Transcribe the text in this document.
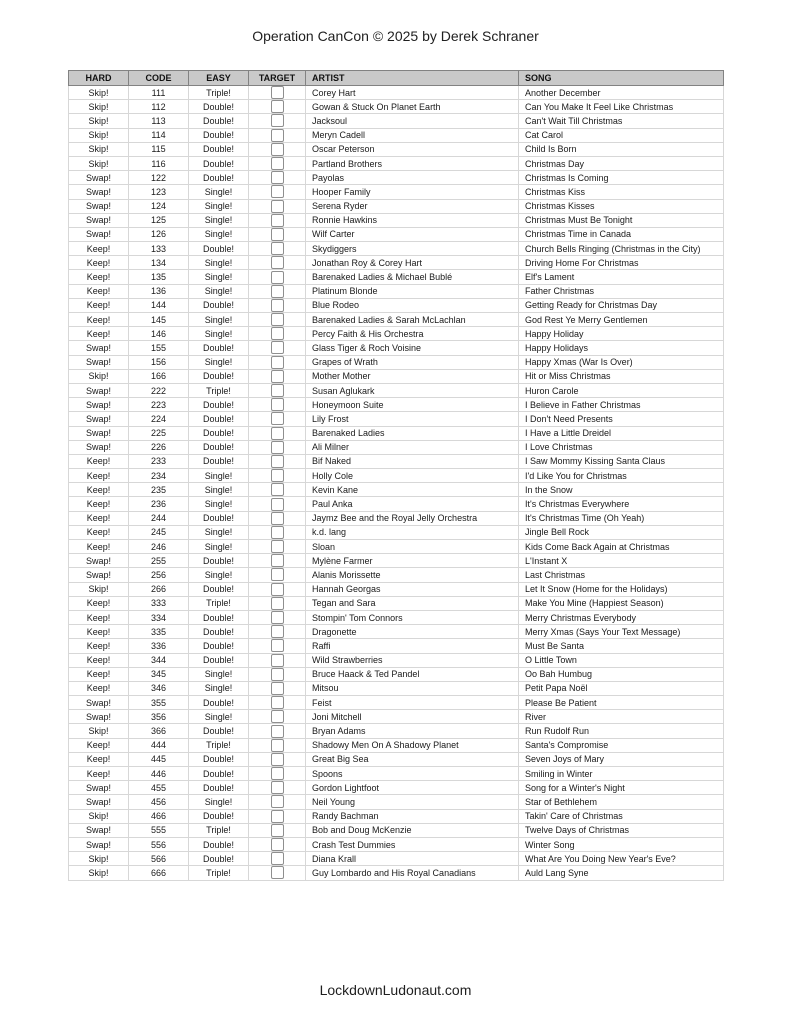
Operation CanCon © 2025 by Derek Schraner
HARD	CODE	EASY	TARGET	ARTIST	SONG
Skip!	111	Triple!		Corey Hart	Another December
Skip!	112	Double!		Gowan & Stuck On Planet Earth	Can You Make It Feel Like Christmas
Skip!	113	Double!		Jacksoul	Can't Wait Till Christmas
Skip!	114	Double!		Meryn Cadell	Cat Carol
Skip!	115	Double!		Oscar Peterson	Child Is Born
Skip!	116	Double!		Partland Brothers	Christmas Day
Swap!	122	Double!		Payolas	Christmas Is Coming
Swap!	123	Single!		Hooper Family	Christmas Kiss
Swap!	124	Single!		Serena Ryder	Christmas Kisses
Swap!	125	Single!		Ronnie Hawkins	Christmas Must Be Tonight
Swap!	126	Single!		Wilf Carter	Christmas Time in Canada
Keep!	133	Double!		Skydiggers	Church Bells Ringing (Christmas in the City)
Keep!	134	Single!		Jonathan Roy & Corey Hart	Driving Home For Christmas
Keep!	135	Single!		Barenaked Ladies & Michael Bublé	Elf's Lament
Keep!	136	Single!		Platinum Blonde	Father Christmas
Keep!	144	Double!		Blue Rodeo	Getting Ready for Christmas Day
Keep!	145	Single!		Barenaked Ladies & Sarah McLachlan	God Rest Ye Merry Gentlemen
Keep!	146	Single!		Percy Faith & His Orchestra	Happy Holiday
Swap!	155	Double!		Glass Tiger & Roch Voisine	Happy Holidays
Swap!	156	Single!		Grapes of Wrath	Happy Xmas (War Is Over)
Skip!	166	Double!		Mother Mother	Hit or Miss Christmas
Swap!	222	Triple!		Susan Aglukark	Huron Carole
Swap!	223	Double!		Honeymoon Suite	I Believe in Father Christmas
Swap!	224	Double!		Lily Frost	I Don't Need Presents
Swap!	225	Double!		Barenaked Ladies	I Have a Little Dreidel
Swap!	226	Double!		Ali Milner	I Love Christmas
Keep!	233	Double!		Bif Naked	I Saw Mommy Kissing Santa Claus
Keep!	234	Single!		Holly Cole	I'd Like You for Christmas
Keep!	235	Single!		Kevin Kane	In the Snow
Keep!	236	Single!		Paul Anka	It's Christmas Everywhere
Keep!	244	Double!		Jaymz Bee and the Royal Jelly Orchestra	It's Christmas Time (Oh Yeah)
Keep!	245	Single!		k.d. lang	Jingle Bell Rock
Keep!	246	Single!		Sloan	Kids Come Back Again at Christmas
Swap!	255	Double!		Mylène Farmer	L'Instant X
Swap!	256	Single!		Alanis Morissette	Last Christmas
Skip!	266	Double!		Hannah Georgas	Let It Snow (Home for the Holidays)
Keep!	333	Triple!		Tegan and Sara	Make You Mine (Happiest Season)
Keep!	334	Double!		Stompin' Tom Connors	Merry Christmas Everybody
Keep!	335	Double!		Dragonette	Merry Xmas (Says Your Text Message)
Keep!	336	Double!		Raffi	Must Be Santa
Keep!	344	Double!		Wild Strawberries	O Little Town
Keep!	345	Single!		Bruce Haack & Ted Pandel	Oo Bah Humbug
Keep!	346	Single!		Mitsou	Petit Papa Noël
Swap!	355	Double!		Feist	Please Be Patient
Swap!	356	Single!		Joni Mitchell	River
Skip!	366	Double!		Bryan Adams	Run Rudolf Run
Keep!	444	Triple!		Shadowy Men On A Shadowy Planet	Santa's Compromise
Keep!	445	Double!		Great Big Sea	Seven Joys of Mary
Keep!	446	Double!		Spoons	Smiling in Winter
Swap!	455	Double!		Gordon Lightfoot	Song for a Winter's Night
Swap!	456	Single!		Neil Young	Star of Bethlehem
Skip!	466	Double!		Randy Bachman	Takin' Care of Christmas
Swap!	555	Triple!		Bob and Doug McKenzie	Twelve Days of Christmas
Swap!	556	Double!		Crash Test Dummies	Winter Song
Skip!	566	Double!		Diana Krall	What Are You Doing New Year's Eve?
Skip!	666	Triple!		Guy Lombardo and His Royal Canadians	Auld Lang Syne
LockdownLudonaut.com
